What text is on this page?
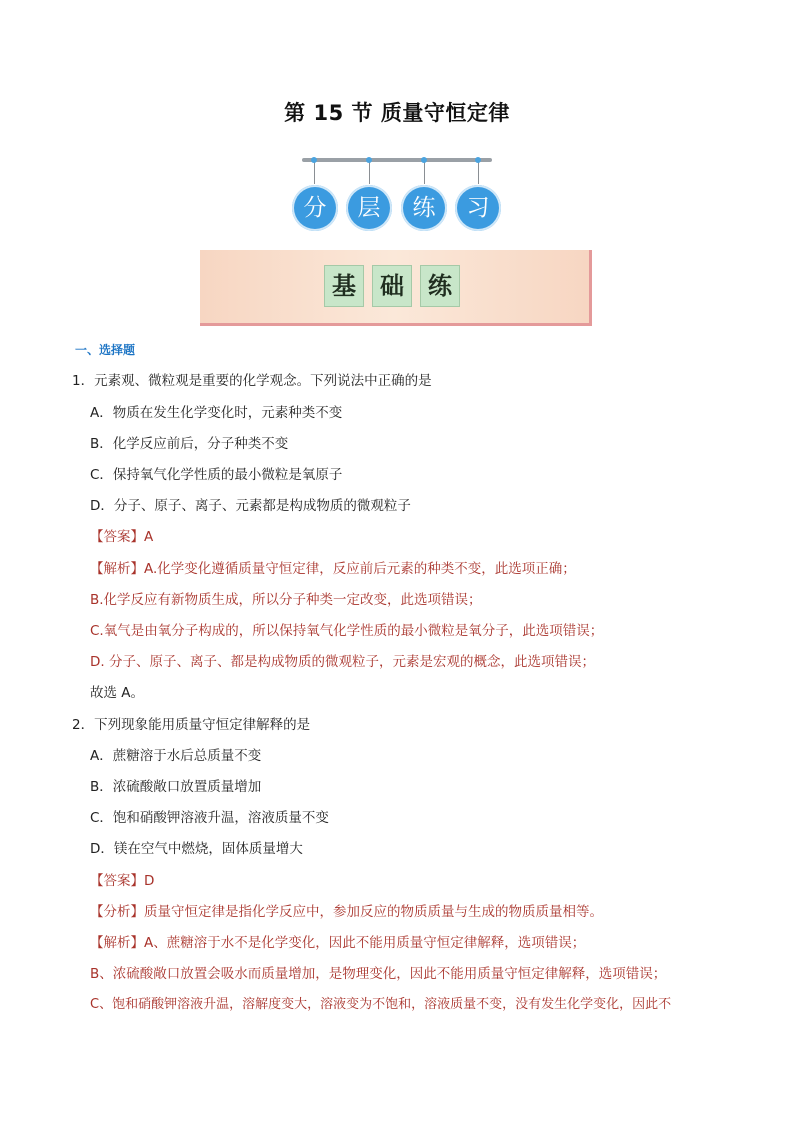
第 15 节 质量守恒定律
分	层	练	习
基	础	练
一、选择题
1．元素观、微粒观是重要的化学观念。下列说法中正确的是
A．物质在发生化学变化时，元素种类不变
B．化学反应前后，分子种类不变
C．保持氧气化学性质的最小微粒是氧原子
D．分子、原子、离子、元素都是构成物质的微观粒子
【答案】A
【解析】A.化学变化遵循质量守恒定律，反应前后元素的种类不变，此选项正确；
B.化学反应有新物质生成，所以分子种类一定改变，此选项错误；
C.氧气是由氧分子构成的，所以保持氧气化学性质的最小微粒是氧分子，此选项错误；
D. 分子、原子、离子、都是构成物质的微观粒子，元素是宏观的概念，此选项错误；
故选 A。
2．下列现象能用质量守恒定律解释的是
A．蔗糖溶于水后总质量不变
B．浓硫酸敞口放置质量增加
C．饱和硝酸钾溶液升温，溶液质量不变
D．镁在空气中燃烧，固体质量增大
【答案】D
【分析】质量守恒定律是指化学反应中，参加反应的物质质量与生成的物质质量相等。
【解析】A、蔗糖溶于水不是化学变化，因此不能用质量守恒定律解释，选项错误；
B、浓硫酸敞口放置会吸水而质量增加，是物理变化，因此不能用质量守恒定律解释，选项错误；
C、饱和硝酸钾溶液升温，溶解度变大，溶液变为不饱和，溶液质量不变，没有发生化学变化，因此不
